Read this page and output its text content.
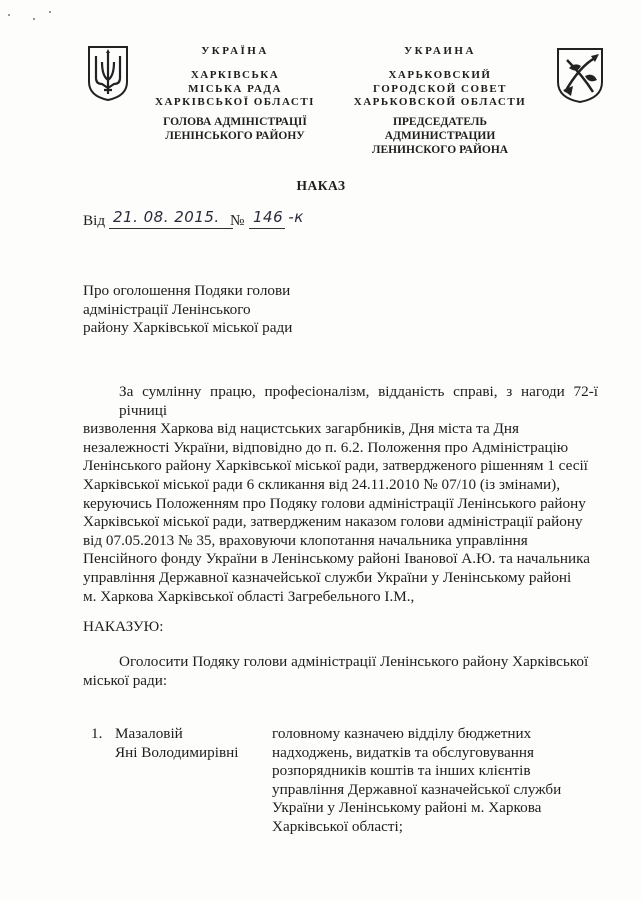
УКРАЇНА
ХАРКІВСЬКА
МІСЬКА РАДА
ХАРКІВСЬКОЇ ОБЛАСТІ
ГОЛОВА АДМІНІСТРАЦІЇ
ЛЕНІНСЬКОГО РАЙОНУ
УКРАИНА
ХАРЬКОВСКИЙ
ГОРОДСКОЙ СОВЕТ
ХАРЬКОВСКОЙ ОБЛАСТИ
ПРЕДСЕДАТЕЛЬ АДМИНИСТРАЦИИ
ЛЕНИНСКОГО РАЙОНА
НАКАЗ
Від 21. 08. 2015. № 146 -к
Про оголошення Подяки голови
адміністрації Ленінського
району Харківської міської ради
За сумлінну працю, професіоналізм, відданість справі, з нагоди 72-ї річниці
визволення Харкова від нацистських загарбників, Дня міста та Дня
незалежності України, відповідно до п. 6.2. Положення про Адміністрацію
Ленінського району Харківської міської ради, затвердженого рішенням 1 сесії
Харківської міської ради 6 скликання від 24.11.2010 № 07/10 (із змінами),
керуючись Положенням про Подяку голови адміністрації Ленінського району
Харківської міської ради, затвердженим наказом голови адміністрації району
від 07.05.2013 № 35, враховуючи клопотання начальника управління
Пенсійного фонду України в Ленінському районі Іванової А.Ю. та начальника
управління Державної казначейської служби України у Ленінському районі
м. Харкова Харківської області Загребельного І.М.,
НАКАЗУЮ:
Оголосити Подяку голови адміністрації Ленінського району Харківської
міської ради:
1. Мазаловій
Яні Володимирівні
головному казначею відділу бюджетних
надходжень, видатків та обслуговування
розпорядників коштів та інших клієнтів
управління Державної казначейської служби
України у Ленінському районі м. Харкова
Харківської області;
